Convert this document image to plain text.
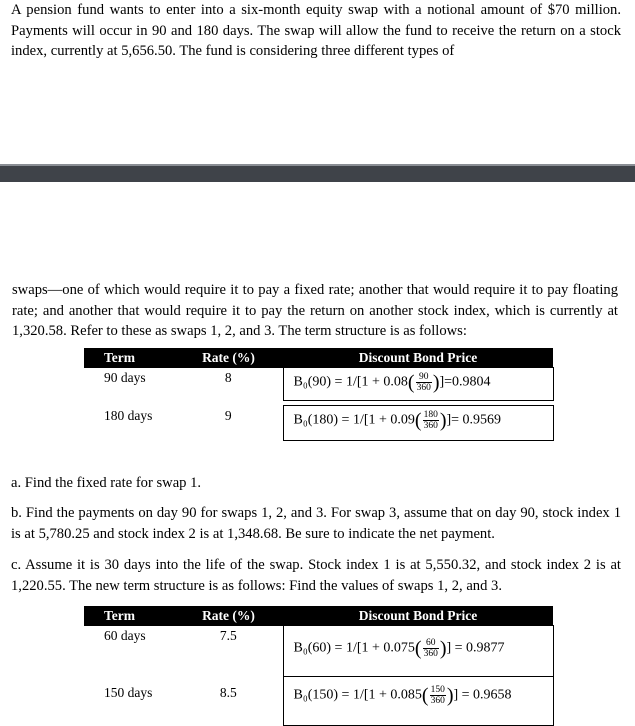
A pension fund wants to enter into a six-month equity swap with a notional amount of $70 million. Payments will occur in 90 and 180 days. The swap will allow the fund to receive the return on a stock index, currently at 5,656.50. The fund is considering three different types of
swaps—one of which would require it to pay a fixed rate; another that would require it to pay floating rate; and another that would require it to pay the return on another stock index, which is currently at 1,320.58. Refer to these as swaps 1, 2, and 3. The term structure is as follows:
Term	Rate (%)	Discount Bond Price
90 days	8	$B_0(90) = 1/[1 + 0.08( \frac{90}{360} )]=0.9804$

180 days	9	$B_0(180) = 1/[1 + 0.09( \frac{180}{360}$ )]= 0.9569
a. Find the fixed rate for swap 1.
b. Find the payments on day 90 for swaps 1, 2, and 3. For swap 3, assume that on day 90, stock index 1 is at 5,780.25 and stock index 2 is at 1,348.68. Be sure to indicate the net payment.
c. Assume it is 30 days into the life of the swap. Stock index 1 is at 5,550.32, and stock index 2 is at 1,220.55. The new term structure is as follows: Find the values of swaps 1, 2, and 3.
Term	Rate (%)	Discount Bond Price
60 days	7.5	$B_0(60) = 1/[1 + 0.075( \frac{60}{360}$ )] = 0.9877
150 days	8.5	$B_0(150) = 1/[1 + 0.085( \frac{150}{360}$ )] = 0.9658
